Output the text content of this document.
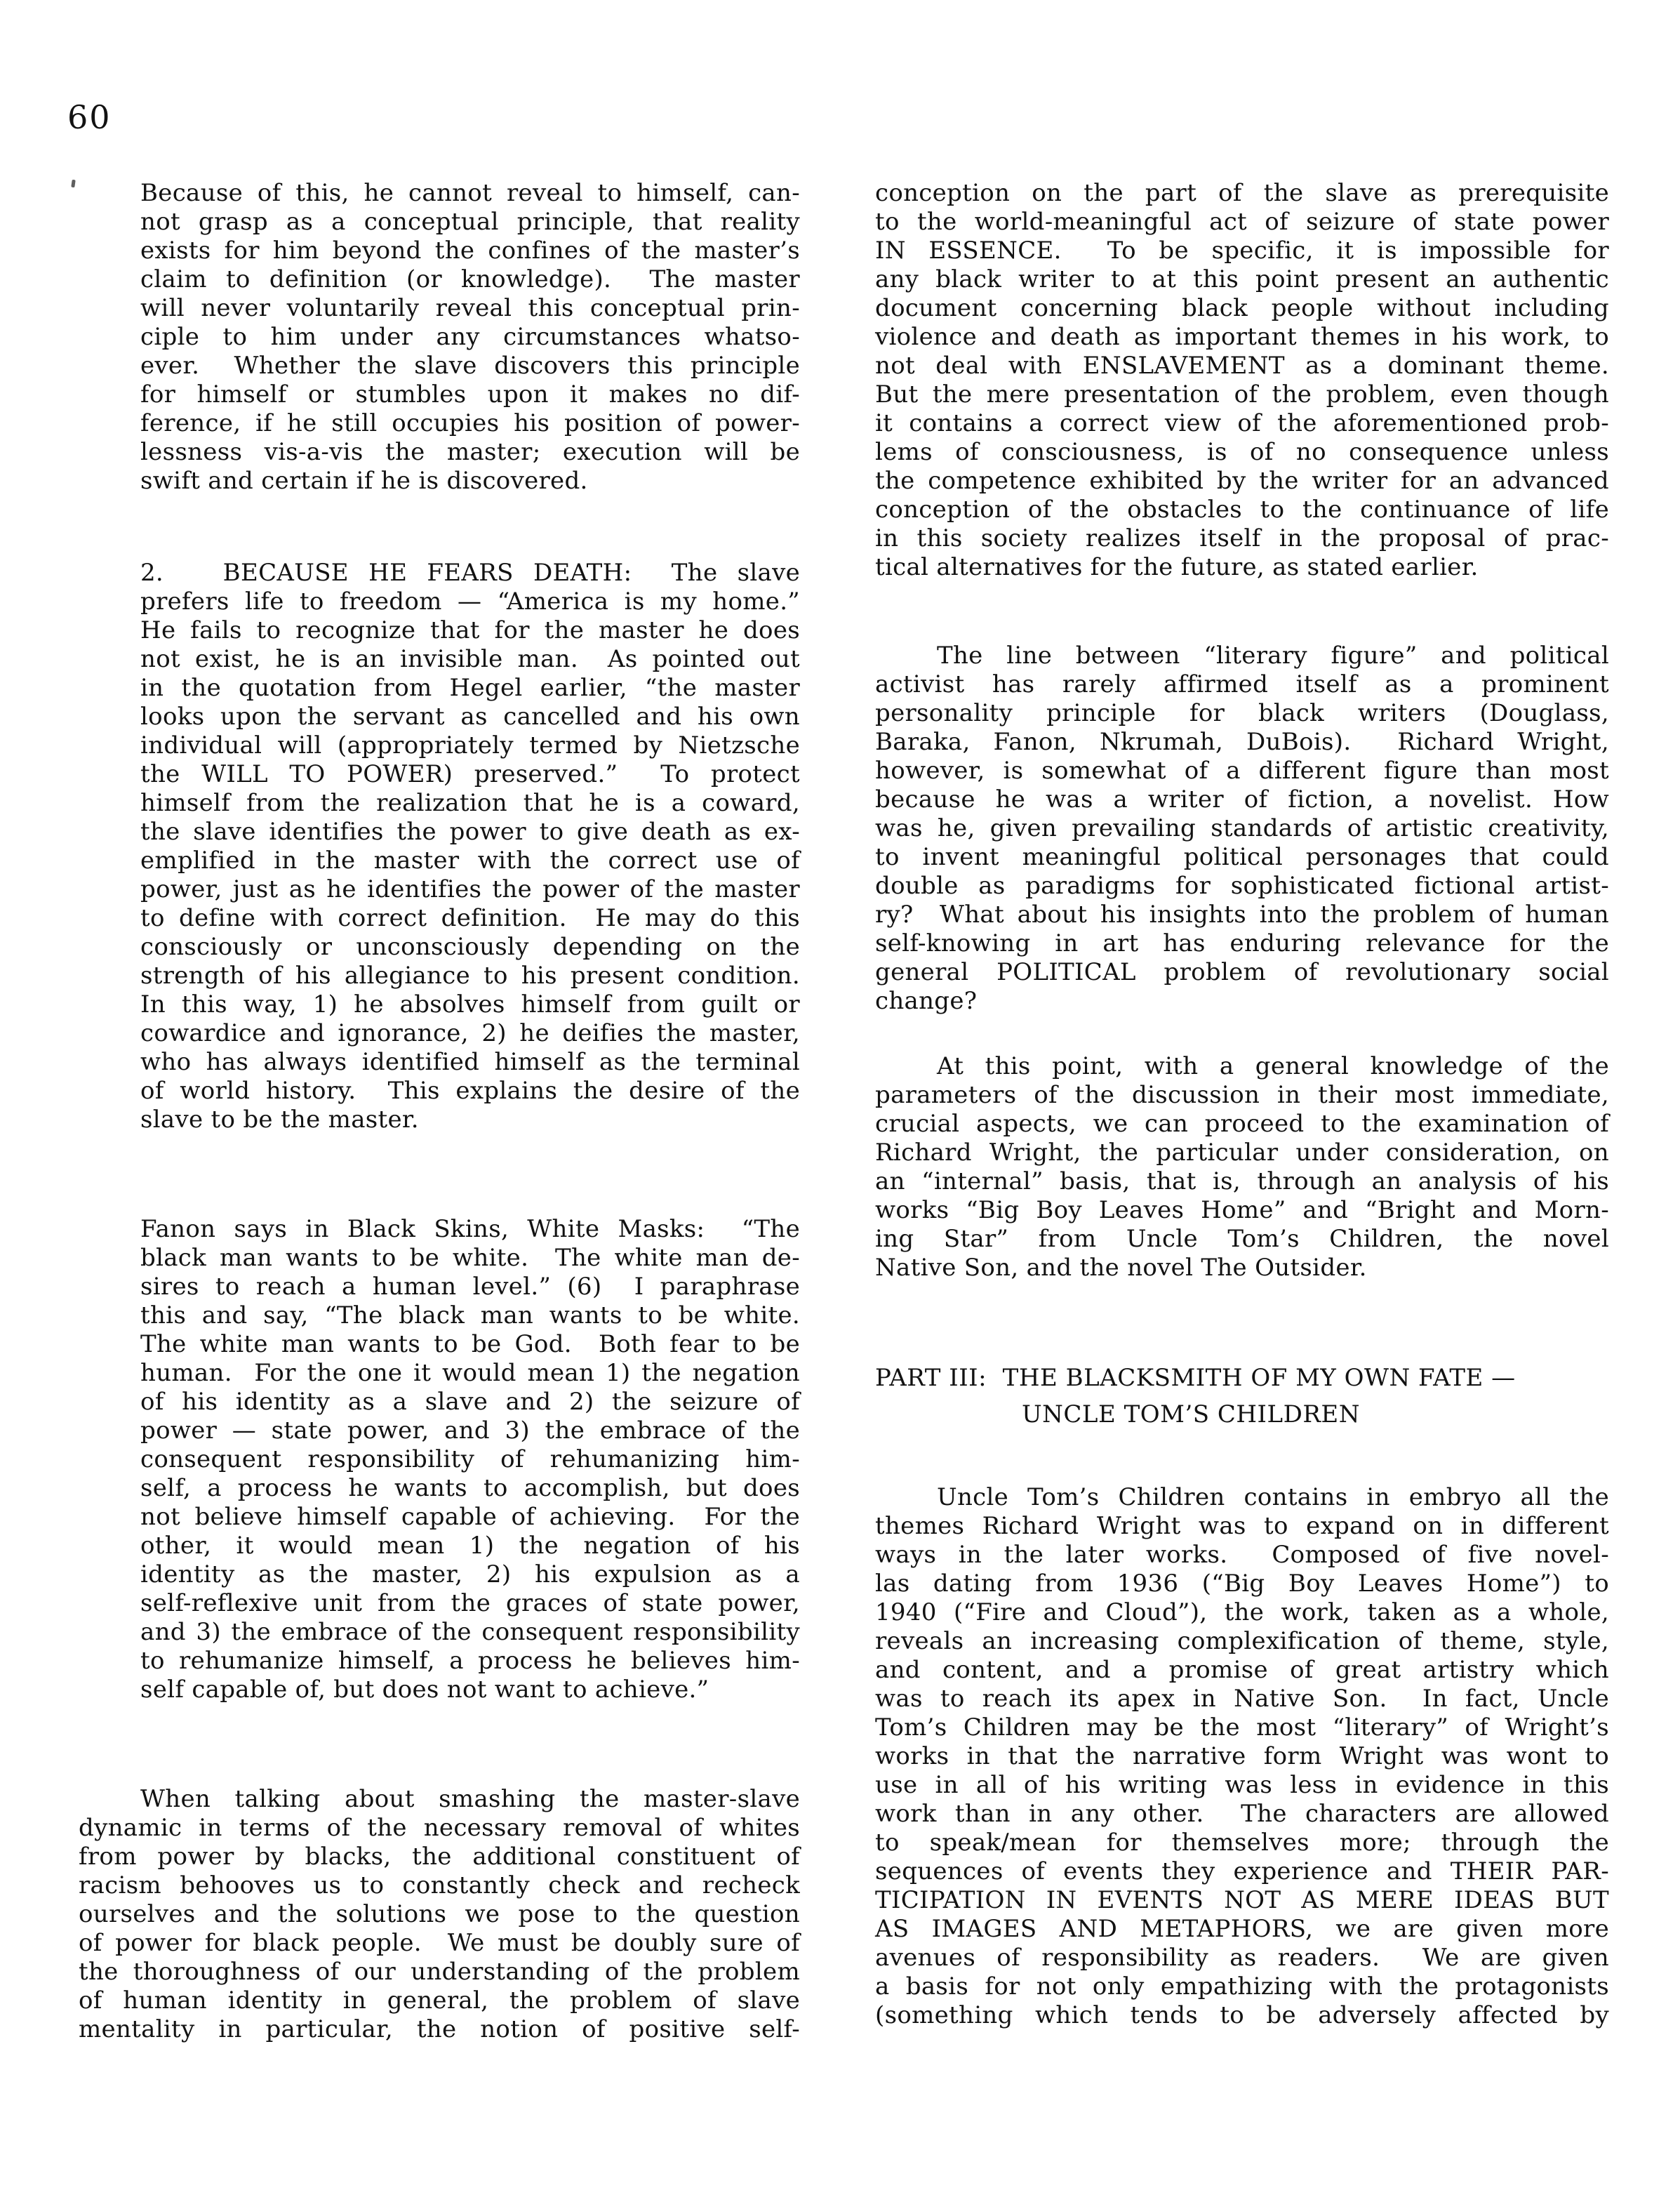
60
Because of this, he cannot reveal to himself, can-
not grasp as a conceptual principle, that reality
exists for him beyond the confines of the master’s
claim to definition (or knowledge).  The master
will never voluntarily reveal this conceptual prin-
ciple to him under any circumstances whatso-
ever.  Whether the slave discovers this principle
for himself or stumbles upon it makes no dif-
ference, if he still occupies his position of power-
lessness vis-a-vis the master; execution will be
swift and certain if he is discovered.
2.   BECAUSE HE FEARS DEATH:  The slave
prefers life to freedom — “America is my home.”
He fails to recognize that for the master he does
not exist, he is an invisible man.  As pointed out
in the quotation from Hegel earlier, “the master
looks upon the servant as cancelled and his own
individual will (appropriately termed by Nietzsche
the WILL TO POWER) preserved.”  To protect
himself from the realization that he is a coward,
the slave identifies the power to give death as ex-
emplified in the master with the correct use of
power, just as he identifies the power of the master
to define with correct definition.  He may do this
consciously or unconsciously depending on the
strength of his allegiance to his present condition.
In this way, 1) he absolves himself from guilt or
cowardice and ignorance, 2) he deifies the master,
who has always identified himself as the terminal
of world history.  This explains the desire of the
slave to be the master.
Fanon says in Black Skins, White Masks:  “The
black man wants to be white.  The white man de-
sires to reach a human level.” (6)  I paraphrase
this and say, “The black man wants to be white.
The white man wants to be God.  Both fear to be
human.  For the one it would mean 1) the negation
of his identity as a slave and 2) the seizure of
power — state power, and 3) the embrace of the
consequent responsibility of rehumanizing him-
self, a process he wants to accomplish, but does
not believe himself capable of achieving.  For the
other, it would mean 1) the negation of his
identity as the master, 2) his expulsion as a
self-reflexive unit from the graces of state power,
and 3) the embrace of the consequent responsibility
to rehumanize himself, a process he believes him-
self capable of, but does not want to achieve.”
When talking about smashing the master-slave
dynamic in terms of the necessary removal of whites
from power by blacks, the additional constituent of
racism behooves us to constantly check and recheck
ourselves and the solutions we pose to the question
of power for black people.  We must be doubly sure of
the thoroughness of our understanding of the problem
of human identity in general, the problem of slave
mentality in particular, the notion of positive self-
conception on the part of the slave as prerequisite
to the world-meaningful act of seizure of state power
IN ESSENCE.  To be specific, it is impossible for
any black writer to at this point present an authentic
document concerning black people without including
violence and death as important themes in his work, to
not deal with ENSLAVEMENT as a dominant theme.
But the mere presentation of the problem, even though
it contains a correct view of the aforementioned prob-
lems of consciousness, is of no consequence unless
the competence exhibited by the writer for an advanced
conception of the obstacles to the continuance of life
in this society realizes itself in the proposal of prac-
tical alternatives for the future, as stated earlier.
The line between “literary figure” and political
activist has rarely affirmed itself as a prominent
personality principle for black writers (Douglass,
Baraka, Fanon, Nkrumah, DuBois).  Richard Wright,
however, is somewhat of a different figure than most
because he was a writer of fiction, a novelist. How
was he, given prevailing standards of artistic creativity,
to invent meaningful political personages that could
double as paradigms for sophisticated fictional artist-
ry?  What about his insights into the problem of human
self-knowing in art has enduring relevance for the
general POLITICAL problem of revolutionary social
change?
At this point, with a general knowledge of the
parameters of the discussion in their most immediate,
crucial aspects, we can proceed to the examination of
Richard Wright, the particular under consideration, on
an “internal” basis, that is, through an analysis of his
works “Big Boy Leaves Home” and “Bright and Morn-
ing Star” from Uncle Tom’s Children, the novel
Native Son, and the novel The Outsider.
PART III:  THE BLACKSMITH OF MY OWN FATE —
UNCLE TOM’S CHILDREN
Uncle Tom’s Children contains in embryo all the
themes Richard Wright was to expand on in different
ways in the later works.  Composed of five novel-
las dating from 1936 (“Big Boy Leaves Home”) to
1940 (“Fire and Cloud”), the work, taken as a whole,
reveals an increasing complexification of theme, style,
and content, and a promise of great artistry which
was to reach its apex in Native Son.  In fact, Uncle
Tom’s Children may be the most “literary” of Wright’s
works in that the narrative form Wright was wont to
use in all of his writing was less in evidence in this
work than in any other.  The characters are allowed
to speak/mean for themselves more; through the
sequences of events they experience and THEIR PAR-
TICIPATION IN EVENTS NOT AS MERE IDEAS BUT
AS IMAGES AND METAPHORS, we are given more
avenues of responsibility as readers.  We are given
a basis for not only empathizing with the protagonists
(something which tends to be adversely affected by
